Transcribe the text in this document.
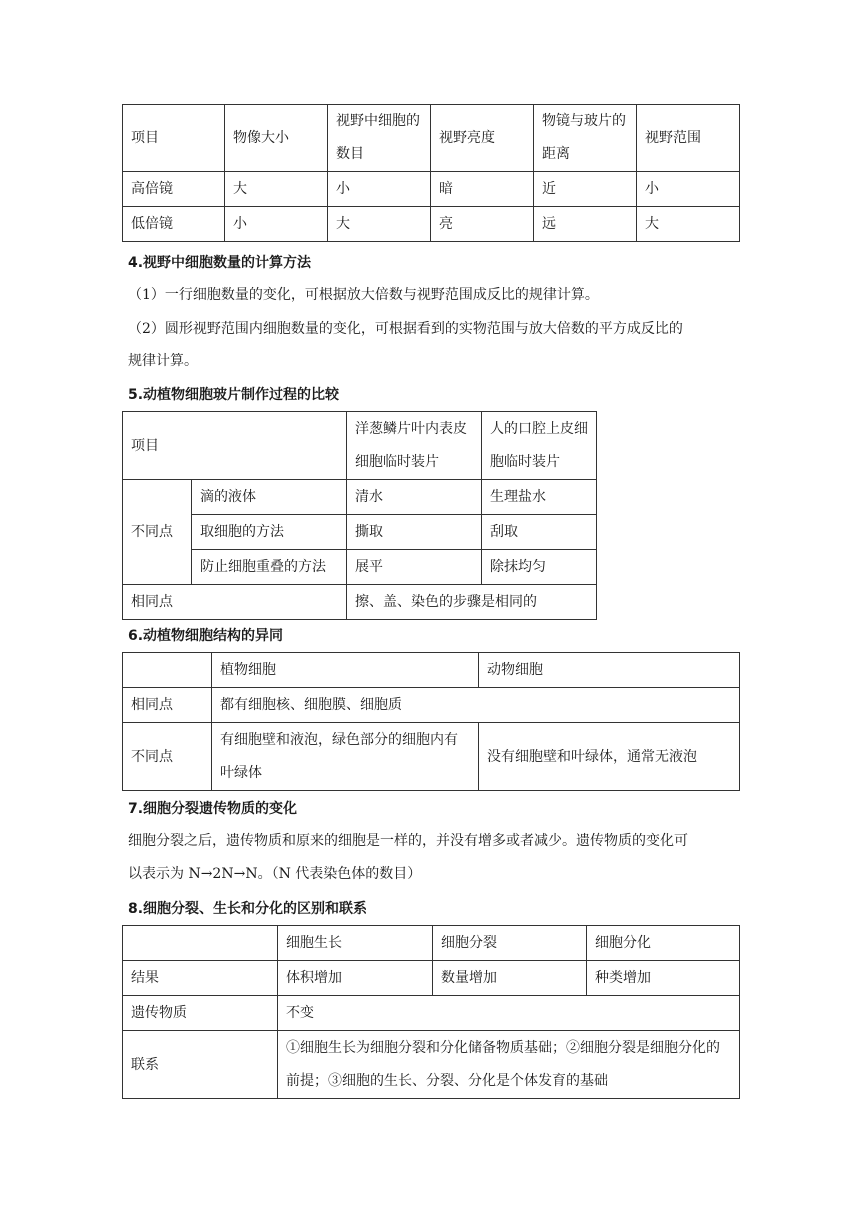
项目	物像大小	视野中细胞的数目	视野亮度	物镜与玻片的距离	视野范围
高倍镜	大	小	暗	近	小
低倍镜	小	大	亮	远	大
4.视野中细胞数量的计算方法
（1）一行细胞数量的变化，可根据放大倍数与视野范围成反比的规律计算。
（2）圆形视野范围内细胞数量的变化，可根据看到的实物范围与放大倍数的平方成反比的
规律计算。
5.动植物细胞玻片制作过程的比较
项目		洋葱鳞片叶内表皮细胞临时装片	人的口腔上皮细胞临时装片
不同点	滴的液体	清水	生理盐水
	取细胞的方法	撕取	刮取
	防止细胞重叠的方法	展平	除抹均匀
相同点		擦、盖、染色的步骤是相同的	
6.动植物细胞结构的异同
	植物细胞	动物细胞
相同点	都有细胞核、细胞膜、细胞质	
不同点	有细胞壁和液泡，绿色部分的细胞内有叶绿体	没有细胞壁和叶绿体，通常无液泡
7.细胞分裂遗传物质的变化
细胞分裂之后，遗传物质和原来的细胞是一样的，并没有增多或者减少。遗传物质的变化可
以表示为 N→2N→N。（N 代表染色体的数目）
8.细胞分裂、生长和分化的区别和联系
	细胞生长	细胞分裂	细胞分化
结果	体积增加	数量增加	种类增加
遗传物质	不变		
联系	①细胞生长为细胞分裂和分化储备物质基础；②细胞分裂是细胞分化的前提；③细胞的生长、分裂、分化是个体发育的基础		
